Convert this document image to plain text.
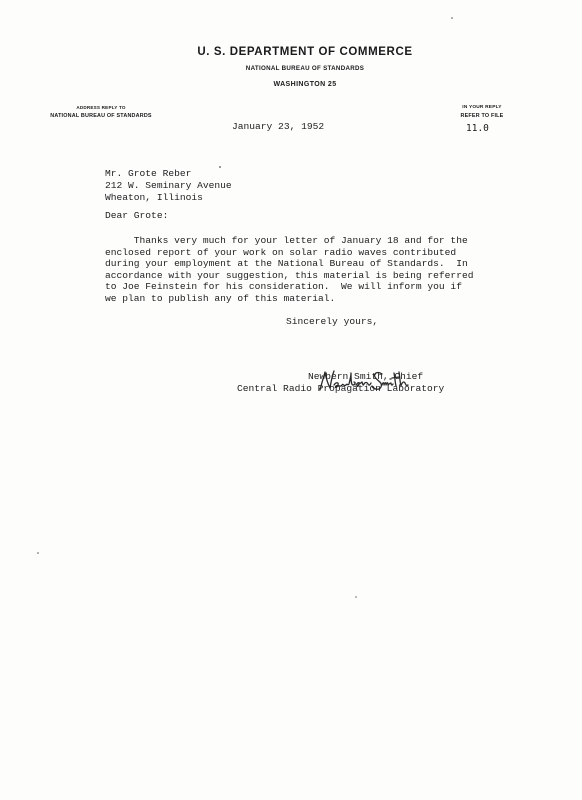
U. S. DEPARTMENT OF COMMERCE
NATIONAL BUREAU OF STANDARDS
WASHINGTON 25
ADDRESS REPLY TO
NATIONAL BUREAU OF STANDARDS
IN YOUR REPLY
REFER TO FILE
11.0
January 23, 1952
Mr. Grote Reber
212 W. Seminary Avenue
Wheaton, Illinois
Dear Grote:
Thanks very much for your letter of January 18 and for the
enclosed report of your work on solar radio waves contributed
during your employment at the National Bureau of Standards.  In
accordance with your suggestion, this material is being referred
to Joe Feinstein for his consideration.  We will inform you if
we plan to publish any of this material.
Sincerely yours,
Newbern Smith, Chief
Central Radio Propagation Laboratory
